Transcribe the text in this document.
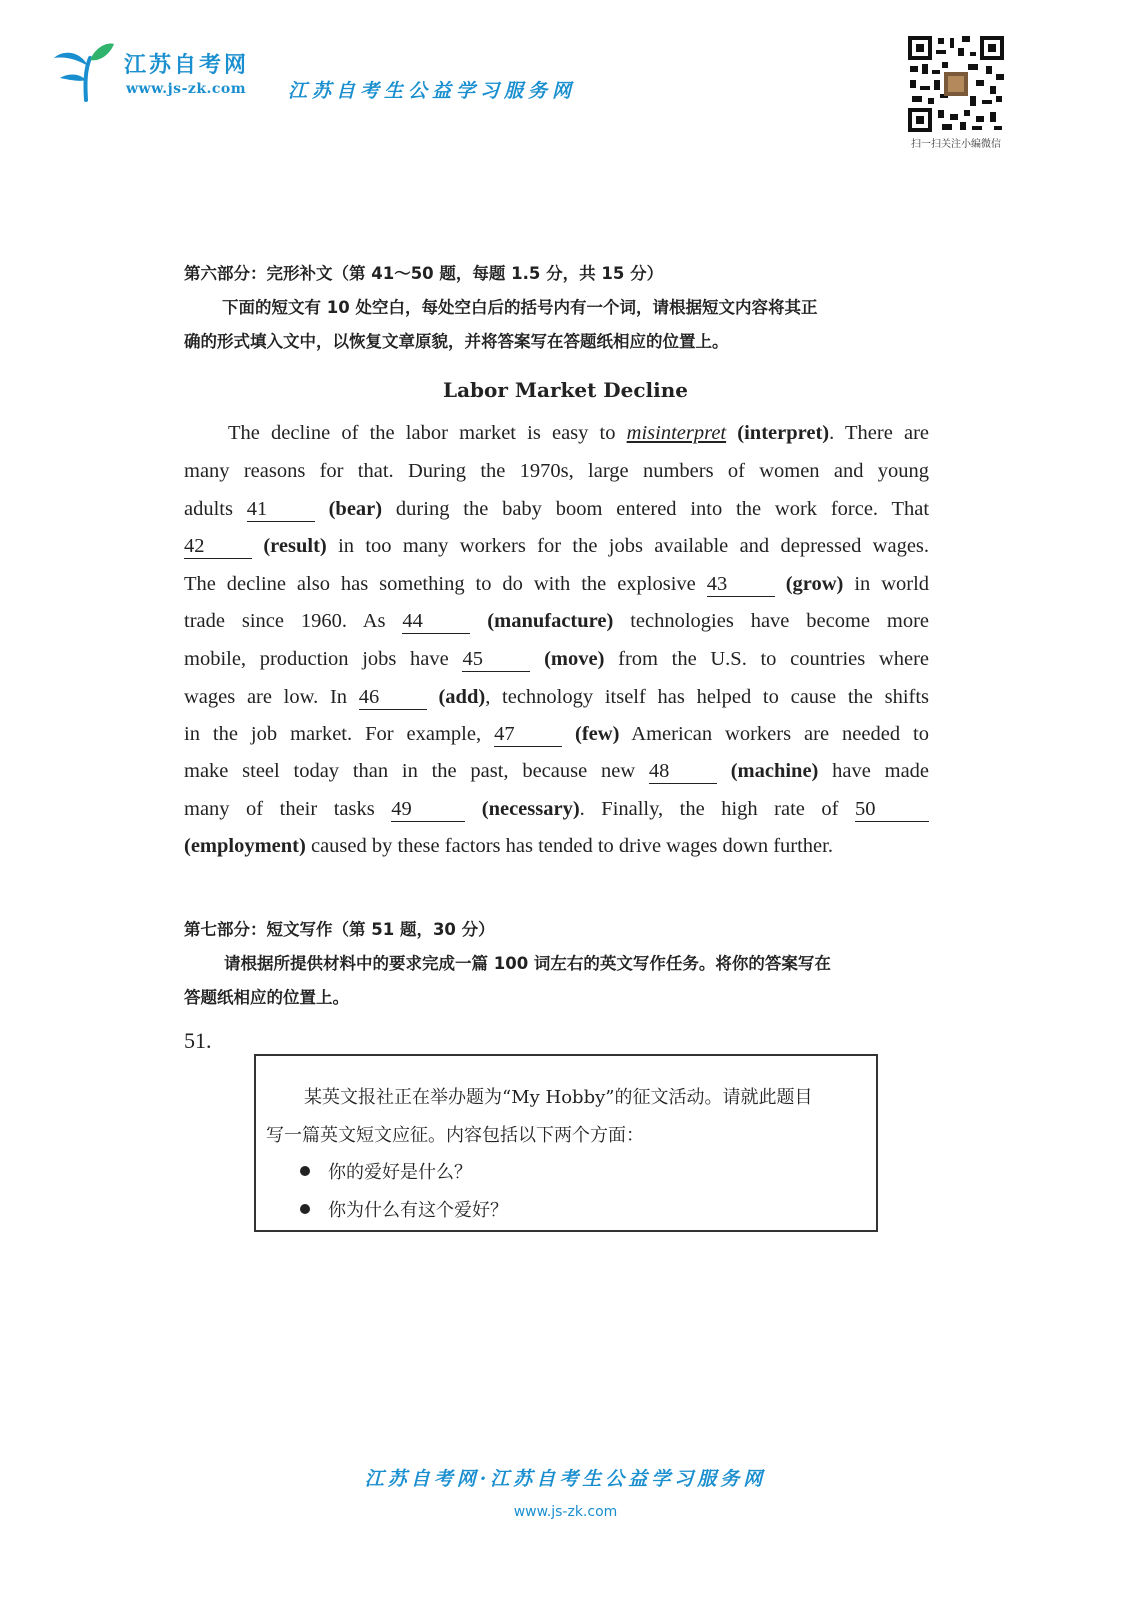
江苏自考网
www.js-zk.com 江苏自考生公益学习服务网
扫一扫关注小编微信
第六部分：完形补文（第 41～50 题，每题 1.5 分，共 15 分）
下面的短文有 10 处空白，每处空白后的括号内有一个词，请根据短文内容将其正
确的形式填入文中，以恢复文章原貌，并将答案写在答题纸相应的位置上。
Labor Market Decline
The decline of the labor market is easy to misinterpret (interpret). There are
many reasons for that. During the 1970s, large numbers of women and young
adults 41	(bear) during the baby boom entered into the work force. That
42	(result) in too many workers for the jobs available and depressed wages.
The decline also has something to do with the explosive 43	(grow) in world
trade since 1960. As 44	(manufacture) technologies have become more
mobile, production jobs have 45	(move) from the U.S. to countries where
wages are low. In 46	(add), technology itself has helped to cause the shifts
in the job market. For example, 47	(few) American workers are needed to
make steel today than in the past, because new 48	(machine) have made
many of their tasks 49	(necessary). Finally, the high rate of 50
(employment) caused by these factors has tended to drive wages down further.
第七部分：短文写作（第 51 题，30 分）
请根据所提供材料中的要求完成一篇 100 词左右的英文写作任务。将你的答案写在
答题纸相应的位置上。
51.
某英文报社正在举办题为“My Hobby”的征文活动。请就此题目
写一篇英文短文应征。内容包括以下两个方面：
你的爱好是什么？
你为什么有这个爱好？
江苏自考网·江苏自考生公益学习服务网
www.js-zk.com
